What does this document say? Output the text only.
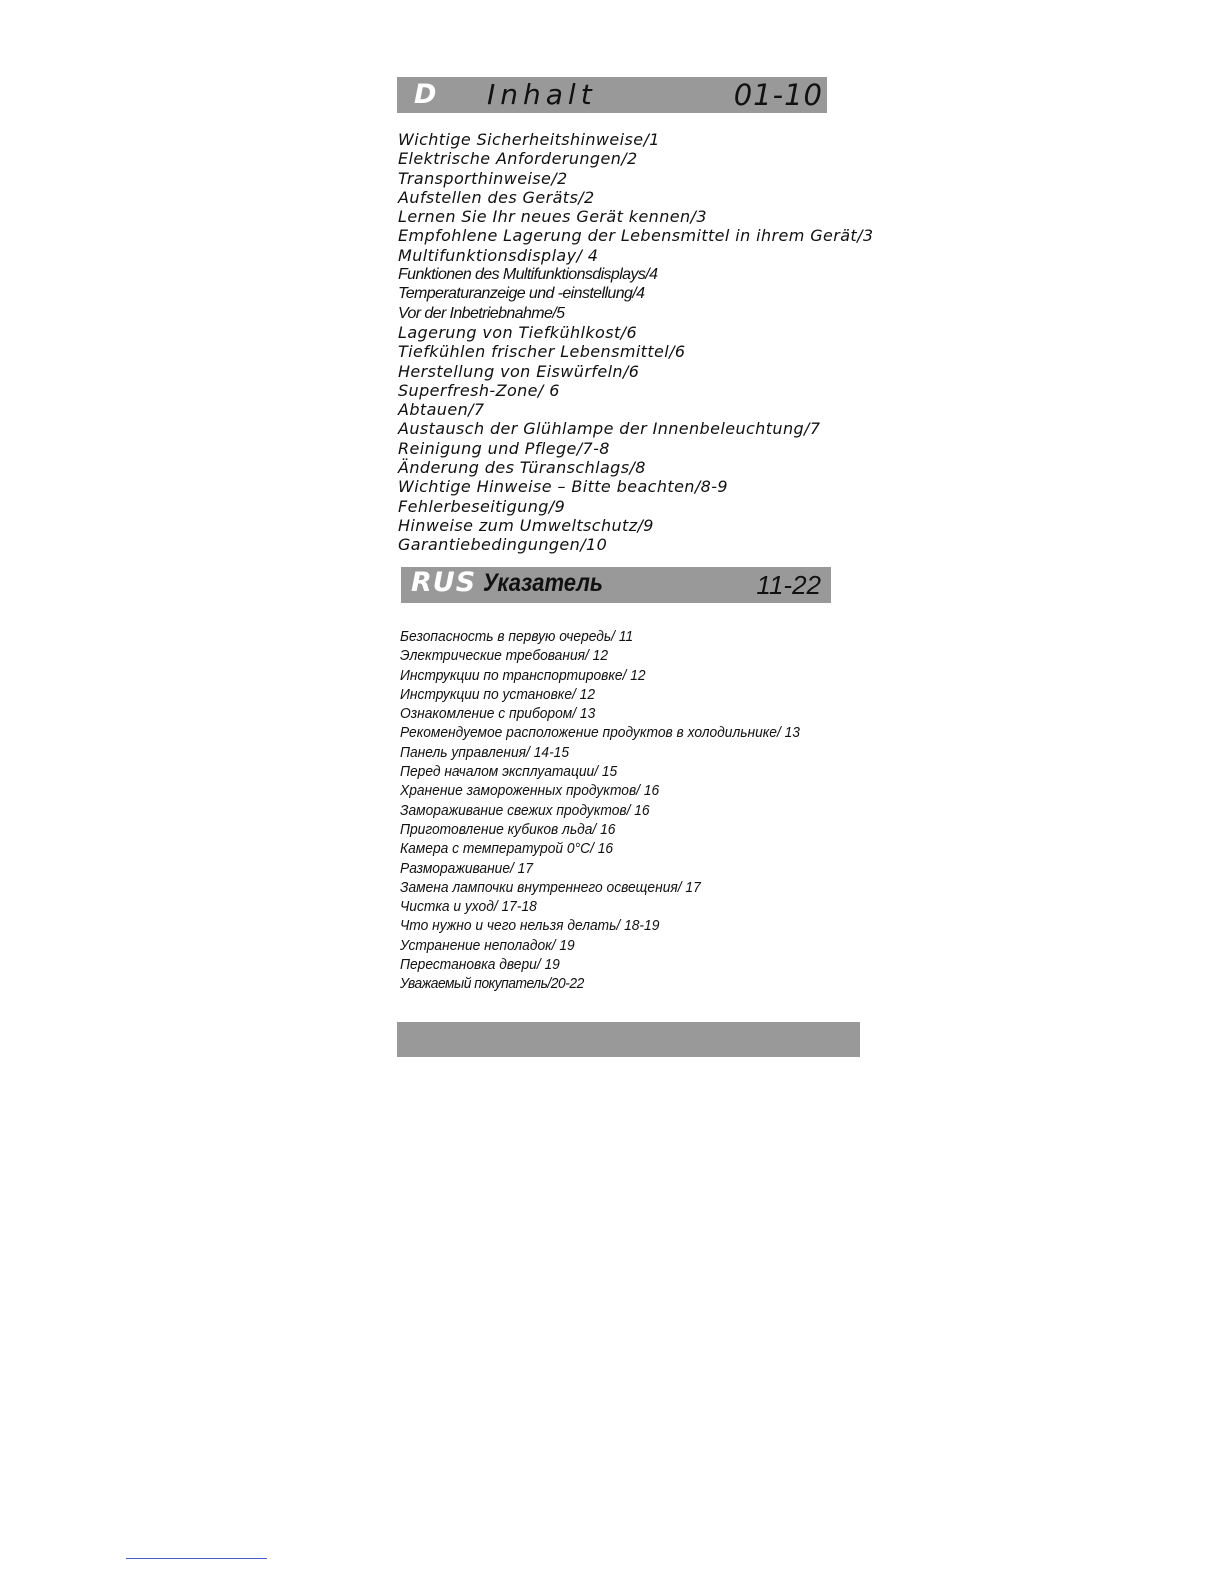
D Inhalt	01-10
Wichtige Sicherheitshinweise/1
Elektrische Anforderungen/2
Transporthinweise/2
Aufstellen des Geräts/2
Lernen Sie Ihr neues Gerät kennen/3
Empfohlene Lagerung der Lebensmittel in ihrem Gerät/3
Multifunktionsdisplay/ 4
Funktionen des Multifunktionsdisplays/4
Temperaturanzeige und -einstellung/4
Vor der Inbetriebnahme/5
Lagerung von Tiefkühlkost/6
Tiefkühlen frischer Lebensmittel/6
Herstellung von Eiswürfeln/6
Superfresh-Zone/ 6
Abtauen/7
Austausch der Glühlampe der Innenbeleuchtung/7
Reinigung und Pflege/7-8
Änderung des Türanschlags/8
Wichtige Hinweise – Bitte beachten/8-9
Fehlerbeseitigung/9
Hinweise zum Umweltschutz/9
Garantiebedingungen/10
RUS Указатель	11-22
Безопасность в первую очередь/ 11
Электрические требования/ 12
Инструкции по транспортировке/ 12
Инструкции по установке/ 12
Ознакомление с прибором/ 13
Рекомендуемое расположение продуктов в холодильнике/ 13
Панель управления/ 14-15
Перед началом эксплуатации/ 15
Хранение замороженных продуктов/ 16
Замораживание свежих продуктов/ 16
Приготовление кубиков льда/ 16
Камера с температурой 0°C/ 16
Размораживание/ 17
Замена лампочки внутреннего освещения/ 17
Чистка и уход/ 17-18
Что нужно и чего нельзя делать/ 18-19
Устранение неполадок/ 19
Перестановка двери/ 19
Уважаемый покупатель/20-22
